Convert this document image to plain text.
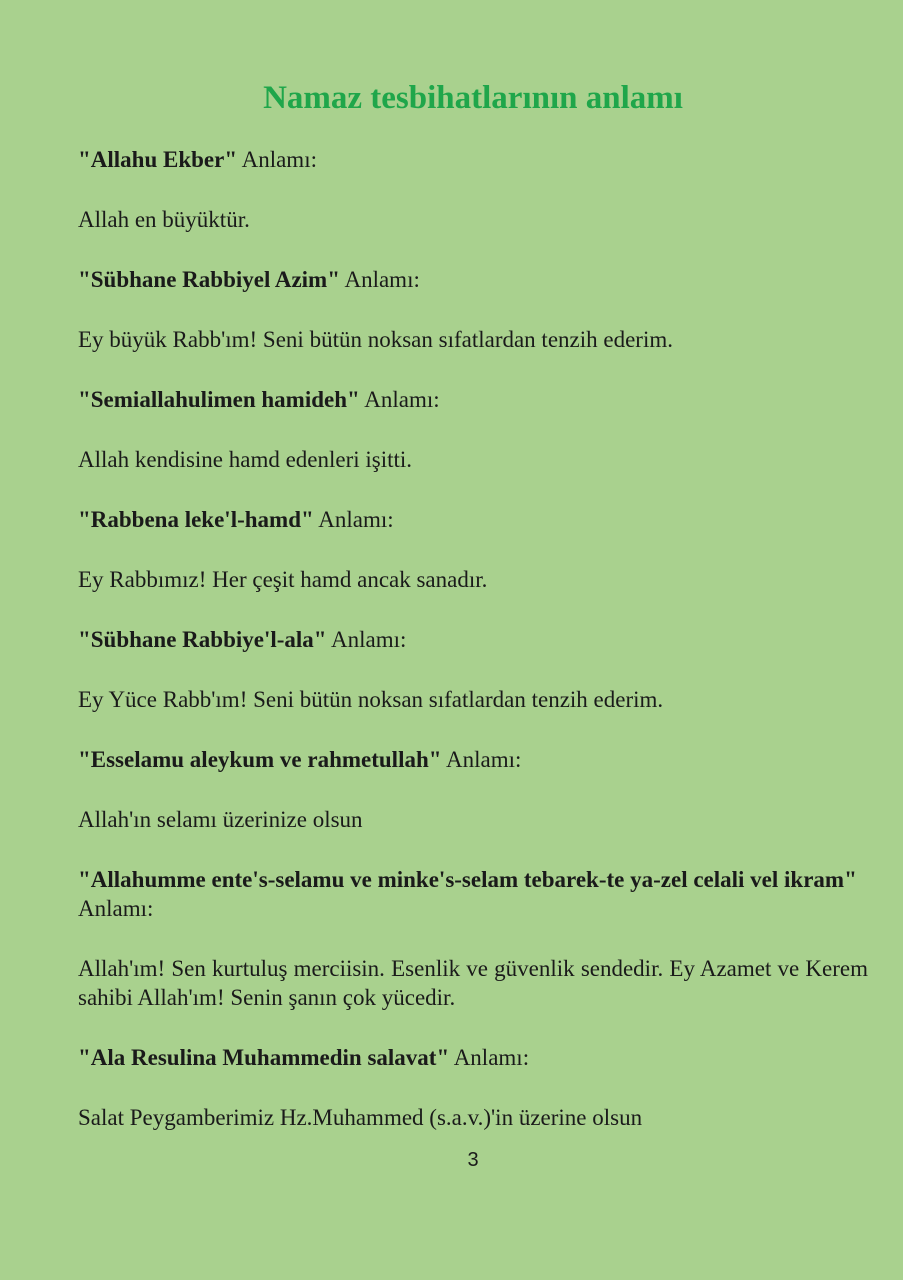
Namaz tesbihatlarının anlamı

"Allahu Ekber" Anlamı:

Allah en büyüktür.

"Sübhane Rabbiyel Azim" Anlamı:

Ey büyük Rabb'ım! Seni bütün noksan sıfatlardan tenzih ederim.

"Semiallahulimen hamideh" Anlamı:

Allah kendisine hamd edenleri işitti.

"Rabbena leke'l-hamd" Anlamı:

Ey Rabbımız! Her çeşit hamd ancak sanadır.

"Sübhane Rabbiye'l-ala" Anlamı:

Ey Yüce Rabb'ım! Seni bütün noksan sıfatlardan tenzih ederim.

"Esselamu aleykum ve rahmetullah" Anlamı:

Allah'ın selamı üzerinize olsun

"Allahumme ente's-selamu ve minke's-selam tebarek-te ya-zel celali vel ikram" Anlamı:

Allah'ım! Sen kurtuluş merciisin. Esenlik ve güvenlik sendedir. Ey Azamet ve Kerem sahibi Allah'ım! Senin şanın çok yücedir.

"Ala Resulina Muhammedin salavat" Anlamı:

Salat Peygamberimiz Hz.Muhammed (s.a.v.)'in üzerine olsun

3
